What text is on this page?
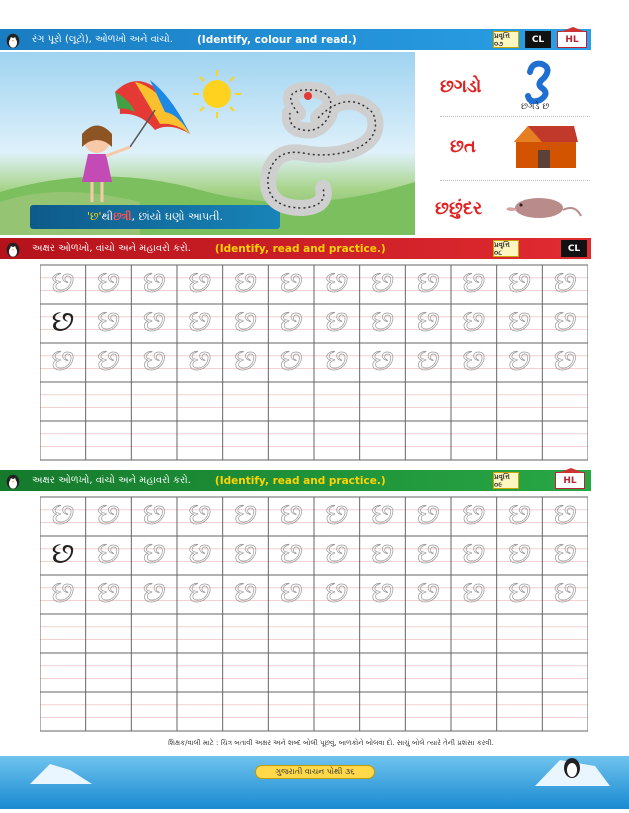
રંગ પૂરો (લૂટો), ઓળખો અને વાંચો. (Identify, colour and read.)	પ્રવૃત્તિ ૦૭	CL	HL
'છ' થી છત્રી , છાંયો ઘણો આપતી.
છગડો
છગડે છ
છત
છછુંદર
અક્ષર ઓળખો, વાંચો અને મહાવરો કરો. (Identify, read and practice.)	પ્રવૃત્તિ ૦૮	CL
છ છ છ છ છ છ છ છ છ છ છ છ
છ છ છ છ છ છ છ છ છ છ છ છ
છ છ છ છ છ છ છ છ છ છ છ છ
અક્ષર ઓળખો, વાંચો અને મહાવરો કરો. (Identify, read and practice.)	પ્રવૃત્તિ ૦૯	HL
છ છ છ છ છ છ છ છ છ છ છ છ
છ છ છ છ છ છ છ છ છ છ છ છ
છ છ છ છ છ છ છ છ છ છ છ છ
શિક્ષક/વાલી માટે : ચિત્ર બતાવી અક્ષર અને શબ્દ બોલી પૂછવું, બાળકોને બોલવા દો. સાચું બોલે ત્યારે તેની પ્રશંસા કરવી.
ગુજરાતી વાચન પોથી ૩૬
